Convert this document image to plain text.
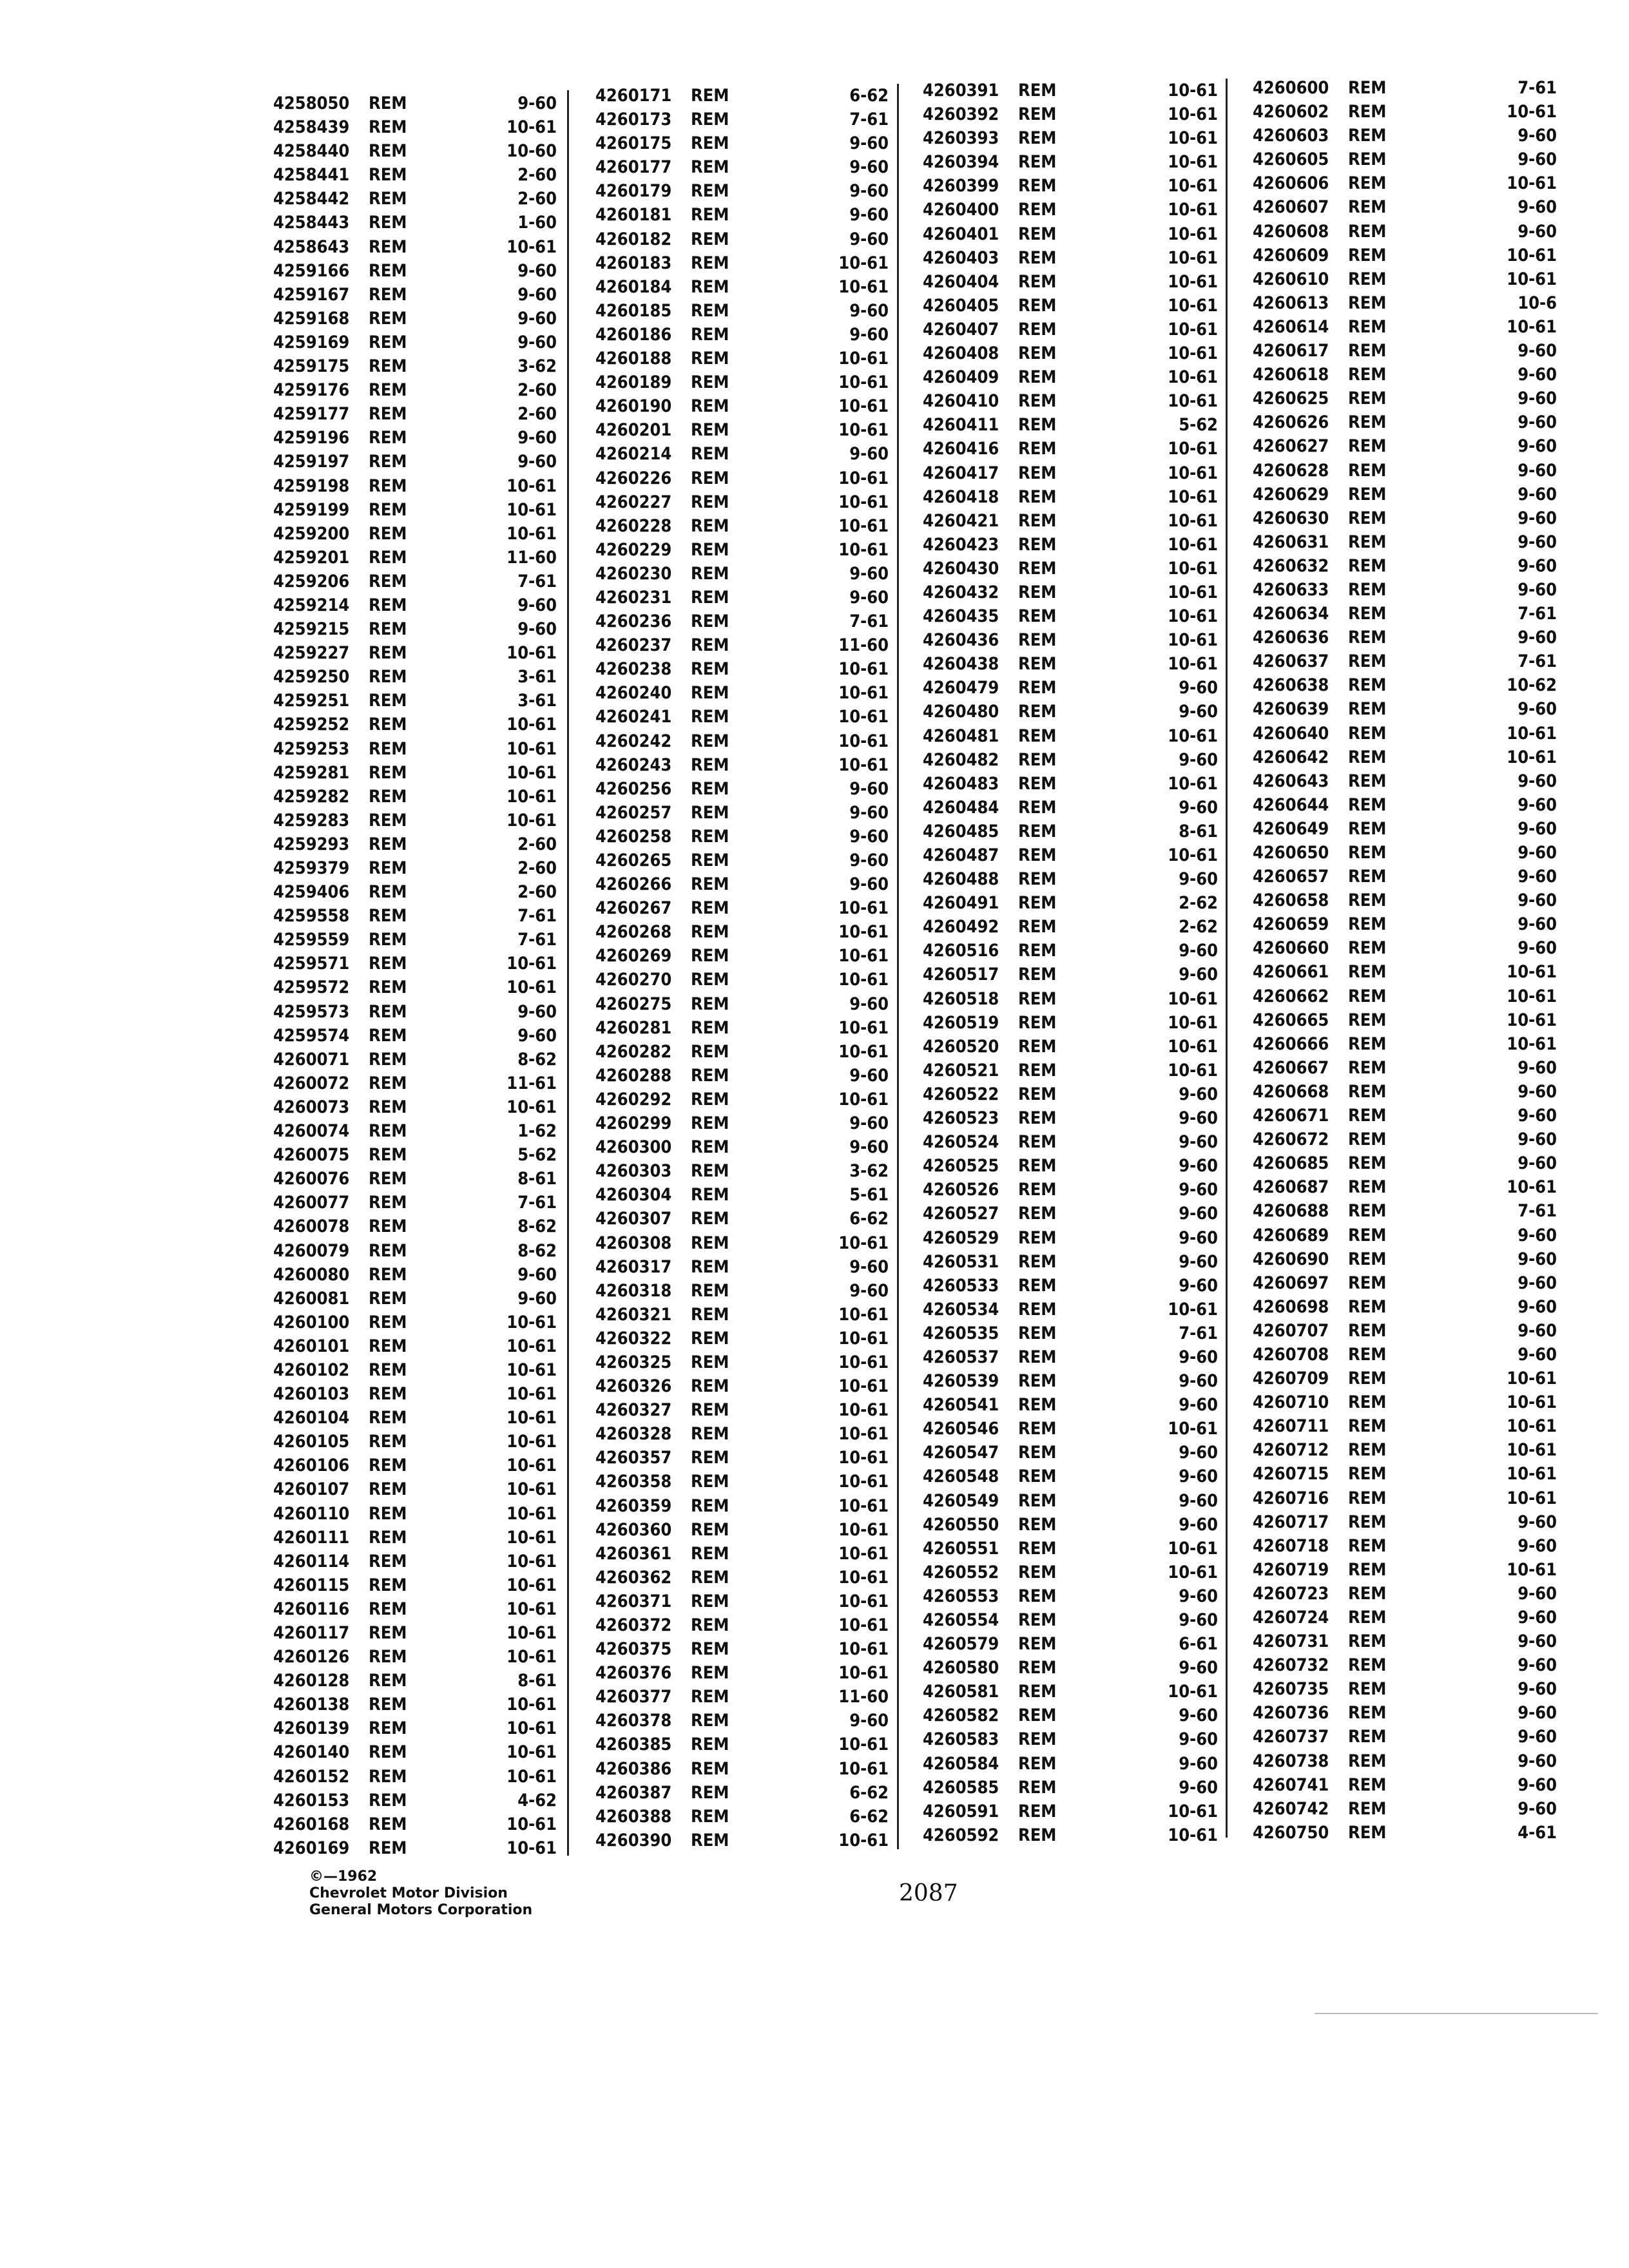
4258050 REM	9-60
4258439 REM	10-61
4258440 REM	10-60
4258441 REM	2-60
4258442 REM	2-60
4258443 REM	1-60
4258643 REM	10-61
4259166 REM	9-60
4259167 REM	9-60
4259168 REM	9-60
4259169 REM	9-60
4259175 REM	3-62
4259176 REM	2-60
4259177 REM	2-60
4259196 REM	9-60
4259197 REM	9-60
4259198 REM	10-61
4259199 REM	10-61
4259200 REM	10-61
4259201 REM	11-60
4259206 REM	7-61
4259214 REM	9-60
4259215 REM	9-60
4259227 REM	10-61
4259250 REM	3-61
4259251 REM	3-61
4259252 REM	10-61
4259253 REM	10-61
4259281 REM	10-61
4259282 REM	10-61
4259283 REM	10-61
4259293 REM	2-60
4259379 REM	2-60
4259406 REM	2-60
4259558 REM	7-61
4259559 REM	7-61
4259571 REM	10-61
4259572 REM	10-61
4259573 REM	9-60
4259574 REM	9-60
4260071 REM	8-62
4260072 REM	11-61
4260073 REM	10-61
4260074 REM	1-62
4260075 REM	5-62
4260076 REM	8-61
4260077 REM	7-61
4260078 REM	8-62
4260079 REM	8-62
4260080 REM	9-60
4260081 REM	9-60
4260100 REM	10-61
4260101 REM	10-61
4260102 REM	10-61
4260103 REM	10-61
4260104 REM	10-61
4260105 REM	10-61
4260106 REM	10-61
4260107 REM	10-61
4260110 REM	10-61
4260111 REM	10-61
4260114 REM	10-61
4260115 REM	10-61
4260116 REM	10-61
4260117 REM	10-61
4260126 REM	10-61
4260128 REM	8-61
4260138 REM	10-61
4260139 REM	10-61
4260140 REM	10-61
4260152 REM	10-61
4260153 REM	4-62
4260168 REM	10-61
4260169 REM	10-61
4260171 REM	6-62
4260173 REM	7-61
4260175 REM	9-60
4260177 REM	9-60
4260179 REM	9-60
4260181 REM	9-60
4260182 REM	9-60
4260183 REM	10-61
4260184 REM	10-61
4260185 REM	9-60
4260186 REM	9-60
4260188 REM	10-61
4260189 REM	10-61
4260190 REM	10-61
4260201 REM	10-61
4260214 REM	9-60
4260226 REM	10-61
4260227 REM	10-61
4260228 REM	10-61
4260229 REM	10-61
4260230 REM	9-60
4260231 REM	9-60
4260236 REM	7-61
4260237 REM	11-60
4260238 REM	10-61
4260240 REM	10-61
4260241 REM	10-61
4260242 REM	10-61
4260243 REM	10-61
4260256 REM	9-60
4260257 REM	9-60
4260258 REM	9-60
4260265 REM	9-60
4260266 REM	9-60
4260267 REM	10-61
4260268 REM	10-61
4260269 REM	10-61
4260270 REM	10-61
4260275 REM	9-60
4260281 REM	10-61
4260282 REM	10-61
4260288 REM	9-60
4260292 REM	10-61
4260299 REM	9-60
4260300 REM	9-60
4260303 REM	3-62
4260304 REM	5-61
4260307 REM	6-62
4260308 REM	10-61
4260317 REM	9-60
4260318 REM	9-60
4260321 REM	10-61
4260322 REM	10-61
4260325 REM	10-61
4260326 REM	10-61
4260327 REM	10-61
4260328 REM	10-61
4260357 REM	10-61
4260358 REM	10-61
4260359 REM	10-61
4260360 REM	10-61
4260361 REM	10-61
4260362 REM	10-61
4260371 REM	10-61
4260372 REM	10-61
4260375 REM	10-61
4260376 REM	10-61
4260377 REM	11-60
4260378 REM	9-60
4260385 REM	10-61
4260386 REM	10-61
4260387 REM	6-62
4260388 REM	6-62
4260390 REM	10-61
4260391 REM	10-61
4260392 REM	10-61
4260393 REM	10-61
4260394 REM	10-61
4260399 REM	10-61
4260400 REM	10-61
4260401 REM	10-61
4260403 REM	10-61
4260404 REM	10-61
4260405 REM	10-61
4260407 REM	10-61
4260408 REM	10-61
4260409 REM	10-61
4260410 REM	10-61
4260411 REM	5-62
4260416 REM	10-61
4260417 REM	10-61
4260418 REM	10-61
4260421 REM	10-61
4260423 REM	10-61
4260430 REM	10-61
4260432 REM	10-61
4260435 REM	10-61
4260436 REM	10-61
4260438 REM	10-61
4260479 REM	9-60
4260480 REM	9-60
4260481 REM	10-61
4260482 REM	9-60
4260483 REM	10-61
4260484 REM	9-60
4260485 REM	8-61
4260487 REM	10-61
4260488 REM	9-60
4260491 REM	2-62
4260492 REM	2-62
4260516 REM	9-60
4260517 REM	9-60
4260518 REM	10-61
4260519 REM	10-61
4260520 REM	10-61
4260521 REM	10-61
4260522 REM	9-60
4260523 REM	9-60
4260524 REM	9-60
4260525 REM	9-60
4260526 REM	9-60
4260527 REM	9-60
4260529 REM	9-60
4260531 REM	9-60
4260533 REM	9-60
4260534 REM	10-61
4260535 REM	7-61
4260537 REM	9-60
4260539 REM	9-60
4260541 REM	9-60
4260546 REM	10-61
4260547 REM	9-60
4260548 REM	9-60
4260549 REM	9-60
4260550 REM	9-60
4260551 REM	10-61
4260552 REM	10-61
4260553 REM	9-60
4260554 REM	9-60
4260579 REM	6-61
4260580 REM	9-60
4260581 REM	10-61
4260582 REM	9-60
4260583 REM	9-60
4260584 REM	9-60
4260585 REM	9-60
4260591 REM	10-61
4260592 REM	10-61
4260600 REM	7-61
4260602 REM	10-61
4260603 REM	9-60
4260605 REM	9-60
4260606 REM	10-61
4260607 REM	9-60
4260608 REM	9-60
4260609 REM	10-61
4260610 REM	10-61
4260613 REM	10-6
4260614 REM	10-61
4260617 REM	9-60
4260618 REM	9-60
4260625 REM	9-60
4260626 REM	9-60
4260627 REM	9-60
4260628 REM	9-60
4260629 REM	9-60
4260630 REM	9-60
4260631 REM	9-60
4260632 REM	9-60
4260633 REM	9-60
4260634 REM	7-61
4260636 REM	9-60
4260637 REM	7-61
4260638 REM	10-62
4260639 REM	9-60
4260640 REM	10-61
4260642 REM	10-61
4260643 REM	9-60
4260644 REM	9-60
4260649 REM	9-60
4260650 REM	9-60
4260657 REM	9-60
4260658 REM	9-60
4260659 REM	9-60
4260660 REM	9-60
4260661 REM	10-61
4260662 REM	10-61
4260665 REM	10-61
4260666 REM	10-61
4260667 REM	9-60
4260668 REM	9-60
4260671 REM	9-60
4260672 REM	9-60
4260685 REM	9-60
4260687 REM	10-61
4260688 REM	7-61
4260689 REM	9-60
4260690 REM	9-60
4260697 REM	9-60
4260698 REM	9-60
4260707 REM	9-60
4260708 REM	9-60
4260709 REM	10-61
4260710 REM	10-61
4260711 REM	10-61
4260712 REM	10-61
4260715 REM	10-61
4260716 REM	10-61
4260717 REM	9-60
4260718 REM	9-60
4260719 REM	10-61
4260723 REM	9-60
4260724 REM	9-60
4260731 REM	9-60
4260732 REM	9-60
4260735 REM	9-60
4260736 REM	9-60
4260737 REM	9-60
4260738 REM	9-60
4260741 REM	9-60
4260742 REM	9-60
4260750 REM	4-61
©—1962
Chevrolet Motor Division
General Motors Corporation
2087
